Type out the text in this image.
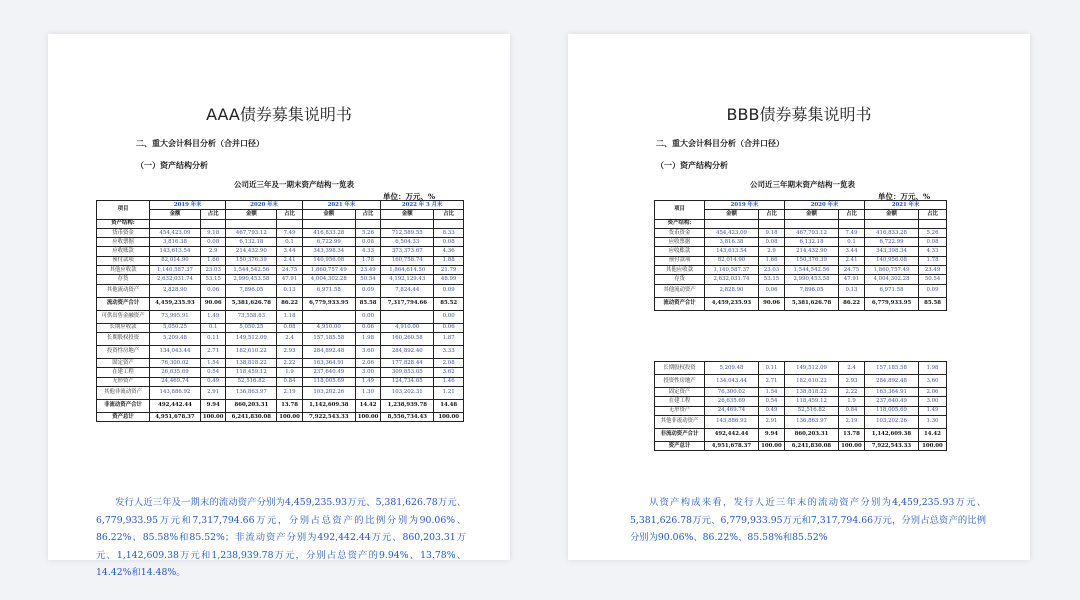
AAA债券募集说明书
二、重大会计科目分析（合并口径）
（一）资产结构分析
公司近三年及一期末资产结构一览表
单位：万元、%
项目	2019 年末		2020 年末		2021 年末		2022 年 3 月末	
	金额	占比	金额	占比	金额	占比	金额	占比
资产结构:								
货币资金	454,423.09	9.18	467,793.12	7.49	416,833.28	5.26	712,589.55	8.33
应收票据	3,816.38	0.08	6,132.18	0.1	6,722.99	0.08	6,504.33	0.08
应收账款	143,613.54	2.9	214,432.90	3.44	343,398.34	4.33	373,373.67	4.36
预付款项	82,014.90	1.66	150,376.39	2.41	140,956.08	1.78	160,758.74	1.88
其他应收款	1,140,587.37	23.03	1,544,542.56	24.75	1,860,757.49	23.49	1,864,614.50	21.79
存货	2,632,031.74	53.15	2,990,453.58	47.91	4,004,302.28	50.54	4,192,129.43	48.99
其他流动资产	2,828.90	0.06	7,896.05	0.13	6,971.58	0.09	7,824.44	0.09
流动资产合计	4,459,235.93	90.06	5,381,626.78	86.22	6,779,933.95	85.58	7,317,794.66	85.52
可供出售金融资产	73,995.91	1.49	73,558.83	1.18		0.00		0.00
长期应收款	5,050.25	0.1	5,050.25	0.08	4,910.00	0.06	4,910.00	0.06
长期股权投资	5,209.48	0.11	149,512.09	2.4	157,185.58	1.98	160,260.58	1.87
投资性房地产	134,043.44	2.71	182,610.22	2.93	284,892.48	3.60	284,892.40	3.33
固定资产	76,300.02	1.54	138,818.22	2.22	163,364.91	2.06	177,828.44	2.08
在建工程	26,635.69	0.54	118,459.12	1.9	237,640.49	3.00	309,853.05	3.62
无形资产	24,469.74	0.49	52,516.82	0.84	118,005.69	1.49	124,734.65	1.46
其他非流动资产	143,886.92	2.91	136,863.97	2.19	103,202.26	1.30	103,202.31	1.21
非流动资产合计	492,442.44	9.94	860,203.31	13.78	1,142,609.38	14.42	1,238,939.78	14.48
资产总计	4,951,678.37	100.00	6,241,830.08	100.00	7,922,543.33	100.00	8,556,734.43	100.00
发行人近三年及一期末的流动资产分别为4,459,235.93万元、5,381,626.78万元、6,779,933.95万元和7,317,794.66万元，分别占总资产的比例分别为90.06%、86.22%、85.58%和85.52%；非流动资产分别为492,442.44万元、860,203.31万元、1,142,609.38万元和1,238,939.78万元，分别占总资产的9.94%、13.78%、14.42%和14.48%。
BBB债券募集说明书
二、重大会计科目分析（合并口径）
（一）资产结构分析
公司近三年期末资产结构一览表
单位：万元、%
项目	2019 年末		2020 年末		2021 年末	
	金额	占比	金额	占比	金额	占比
资产结构:						
货币资金	454,423.09	9.18	467,793.12	7.49	416,833.28	5.26
应收票据	3,816.38	0.08	6,132.18	0.1	6,722.99	0.08
应收账款	143,613.54	2.9	214,432.90	3.44	343,398.34	4.33
预付款项	82,014.90	1.66	150,376.39	2.41	140,956.08	1.78
其他应收款	1,140,587.37	23.03	1,544,542.56	24.75	1,860,757.49	23.49
存货	2,632,031.74	53.15	2,990,453.58	47.91	4,004,302.28	50.54
其他流动资产	2,828.90	0.06	7,896.05	0.13	6,971.58	0.09
流动资产合计	4,459,235.93	90.06	5,381,626.78	86.22	6,779,933.95	85.58
长期股权投资	5,209.48	0.11	149,512.09	2.4	157,185.58	1.98
投资性房地产	134,043.44	2.71	182,610.22	2.93	284,892.48	3.60
固定资产	76,300.02	1.54	138,818.22	2.22	163,364.91	2.06
在建工程	26,635.69	0.54	118,459.12	1.9	237,640.49	3.00
无形资产	24,469.74	0.49	52,516.82	0.84	118,005.69	1.49
其他非流动资产	143,886.92	2.91	136,863.97	2.19	103,202.26	1.30
非流动资产合计	492,442.44	9.94	860,203.31	13.78	1,142,609.38	14.42
资产总计	4,951,678.37	100.00	6,241,830.08	100.00	7,922,543.33	100.00
从资产构成来看，发行人近三年末的流动资产分别为4,459,235.93万元、5,381,626.78万元、6,779,933.95万元和7,317,794.66万元，分别占总资产的比例分别为90.06%、86.22%、85.58%和85.52%
